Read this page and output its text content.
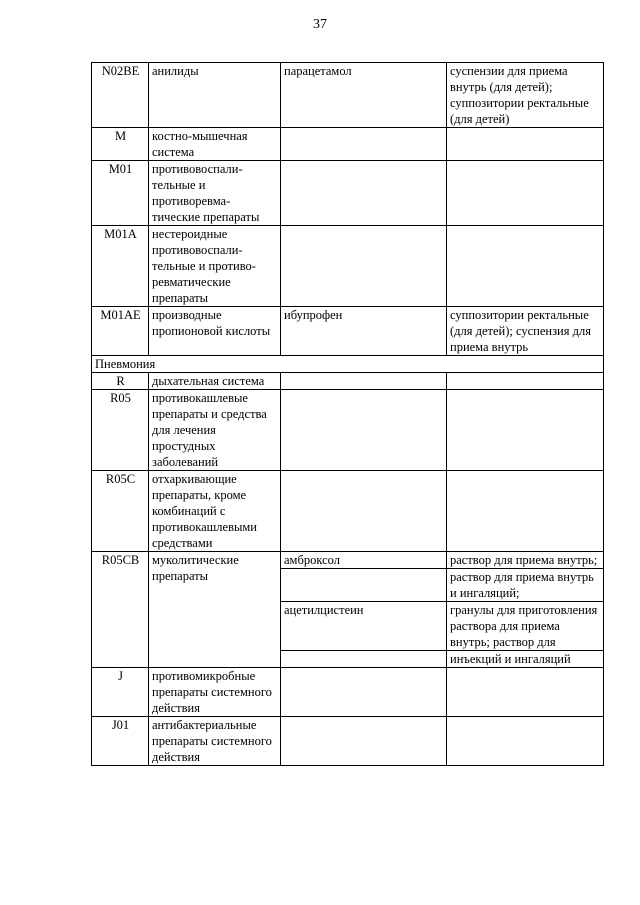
37
N02BE	анилиды	парацетамол	суспензии для приема внутрь (для детей); суппозитории ректальные (для детей)
M	костно-мышечная система		
M01	противовоспали-тельные и противоревма-тические препараты		
M01A	нестероидные противовоспали-тельные и противо-ревматические препараты		
M01AE	производные пропионовой кислоты	ибупрофен	суппозитории ректальные (для детей); суспензия для приема внутрь
Пневмония			
R	дыхательная система		
R05	противокашлевые препараты и средства для лечения простудных заболеваний		
R05C	отхаркивающие препараты, кроме комбинаций с противокашлевыми средствами		
R05CB	муколитические препараты	амброксол	раствор для приема внутрь;
			раствор для приема внутрь и ингаляций;
		ацетилцистеин	гранулы для приготовления раствора для приема внутрь; раствор для
			инъекций и ингаляций
J	противомикробные препараты системного действия		
J01	антибактериальные препараты системного действия		
